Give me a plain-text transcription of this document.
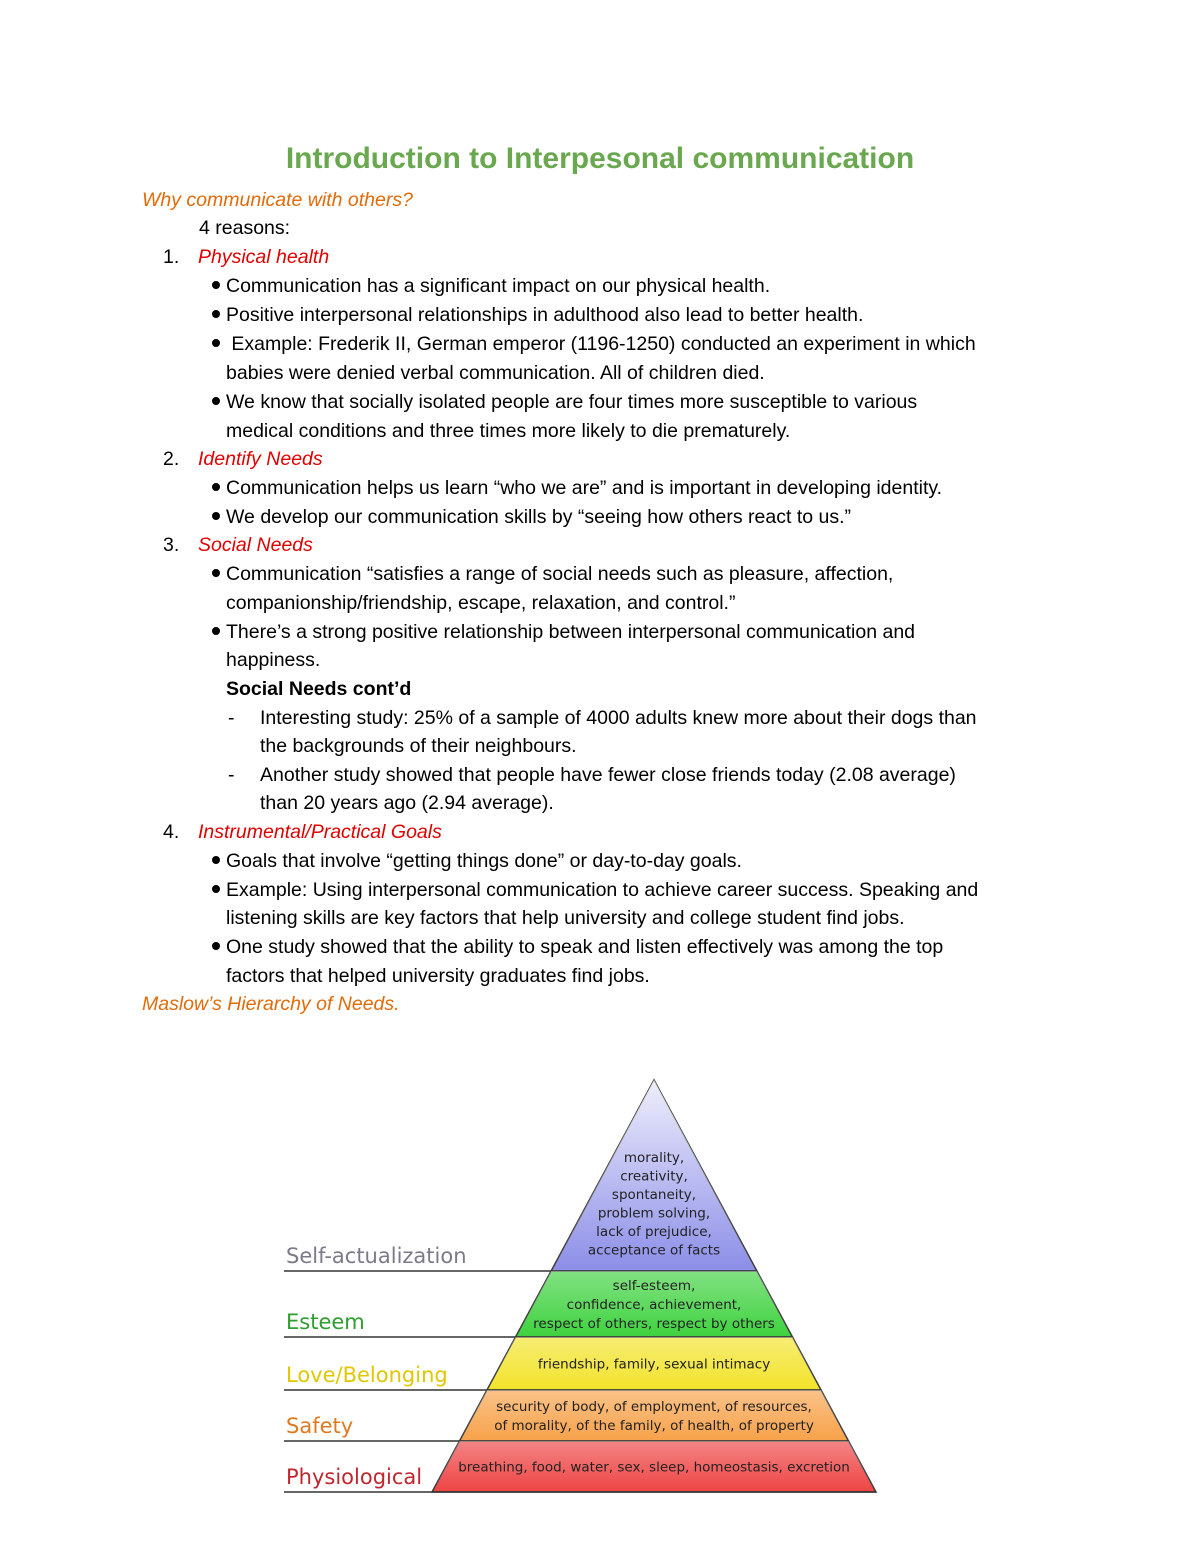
Introduction to Interpesonal communication
Why communicate with others?
4 reasons:
1. Physical health
Communication has a significant impact on our physical health.
Positive interpersonal relationships in adulthood also lead to better health.
Example: Frederik II, German emperor (1196-1250) conducted an experiment in which
babies were denied verbal communication. All of children died.
We know that socially isolated people are four times more susceptible to various
medical conditions and three times more likely to die prematurely.
2. Identify Needs
Communication helps us learn “who we are” and is important in developing identity.
We develop our communication skills by “seeing how others react to us.”
3. Social Needs
Communication “satisfies a range of social needs such as pleasure, affection,
companionship/friendship, escape, relaxation, and control.”
There’s a strong positive relationship between interpersonal communication and
happiness.
Social Needs cont’d
- Interesting study: 25% of a sample of 4000 adults knew more about their dogs than
the backgrounds of their neighbours.
- Another study showed that people have fewer close friends today (2.08 average)
than 20 years ago (2.94 average).
4. Instrumental/Practical Goals
Goals that involve “getting things done” or day-to-day goals.
Example: Using interpersonal communication to achieve career success. Speaking and
listening skills are key factors that help university and college student find jobs.
One study showed that the ability to speak and listen effectively was among the top
factors that helped university graduates find jobs.
Maslow’s Hierarchy of Needs.
morality,
creativity,
spontaneity,
problem solving,
lack of prejudice,
acceptance of facts
Self-actualization
self-esteem,
confidence, achievement,
respect of others, respect by others
Esteem
friendship, family, sexual intimacy
Love/Belonging
security of body, of employment, of resources,
of morality, of the family, of health, of property
Safety
breathing, food, water, sex, sleep, homeostasis, excretion
Physiological
